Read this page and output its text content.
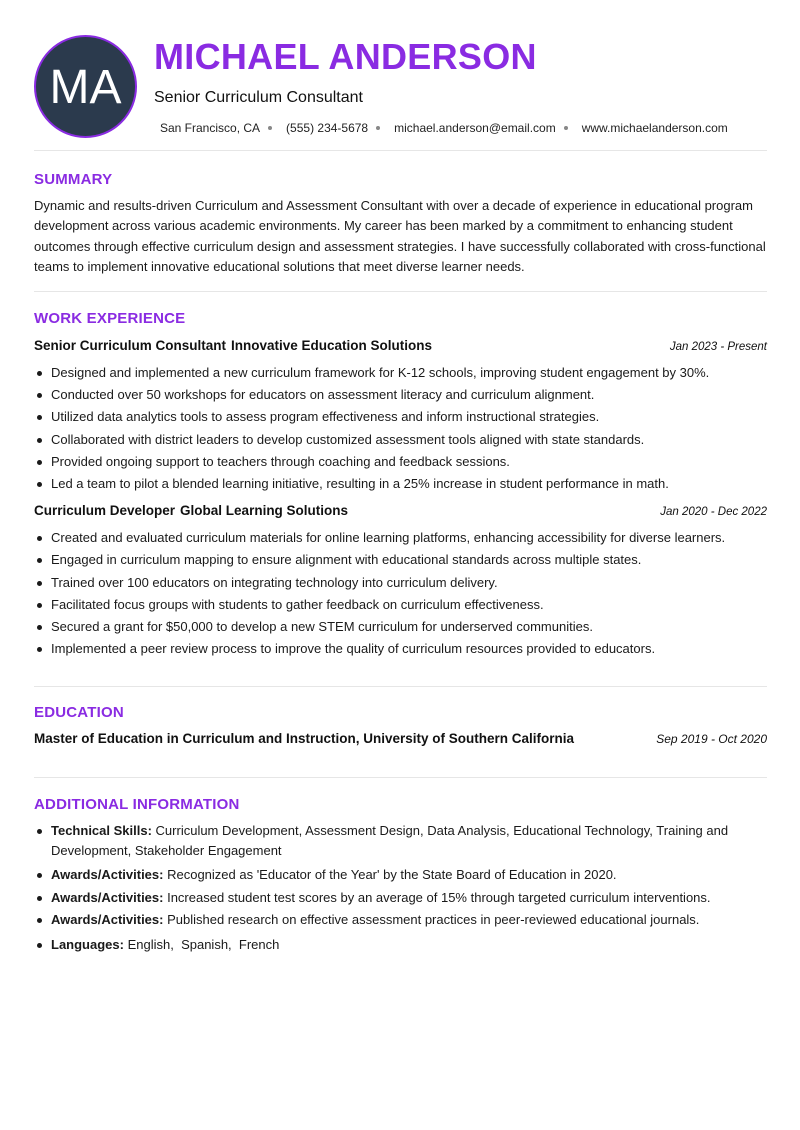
MA
MICHAEL ANDERSON
Senior Curriculum Consultant
San Francisco, CA (555) 234-5678 michael.anderson@email.com www.michaelanderson.com
SUMMARY

Dynamic and results-driven Curriculum and Assessment Consultant with over a decade of experience in educational program development across various academic environments. My career has been marked by a commitment to enhancing student outcomes through effective curriculum design and assessment strategies. I have successfully collaborated with cross-functional teams to implement innovative educational solutions that meet diverse learner needs.

WORK EXPERIENCE
Senior Curriculum Consultant Innovative Education Solutions	Jan 2023 - Present
Designed and implemented a new curriculum framework for K-12 schools, improving student engagement by 30%.
Conducted over 50 workshops for educators on assessment literacy and curriculum alignment.
Utilized data analytics tools to assess program effectiveness and inform instructional strategies.
Collaborated with district leaders to develop customized assessment tools aligned with state standards.
Provided ongoing support to teachers through coaching and feedback sessions.
Led a team to pilot a blended learning initiative, resulting in a 25% increase in student performance in math.
Curriculum Developer Global Learning Solutions	Jan 2020 - Dec 2022
Created and evaluated curriculum materials for online learning platforms, enhancing accessibility for diverse learners.
Engaged in curriculum mapping to ensure alignment with educational standards across multiple states.
Trained over 100 educators on integrating technology into curriculum delivery.
Facilitated focus groups with students to gather feedback on curriculum effectiveness.
Secured a grant for $50,000 to develop a new STEM curriculum for underserved communities.
Implemented a peer review process to improve the quality of curriculum resources provided to educators.
EDUCATION
Master of Education in Curriculum and Instruction, University of Southern California	Sep 2019 - Oct 2020
ADDITIONAL INFORMATION
Technical Skills: Curriculum Development, Assessment Design, Data Analysis, Educational Technology, Training and Development, Stakeholder Engagement
Awards/Activities: Recognized as 'Educator of the Year' by the State Board of Education in 2020.
Awards/Activities: Increased student test scores by an average of 15% through targeted curriculum interventions.
Awards/Activities: Published research on effective assessment practices in peer-reviewed educational journals.
Languages: English,  Spanish,  French
